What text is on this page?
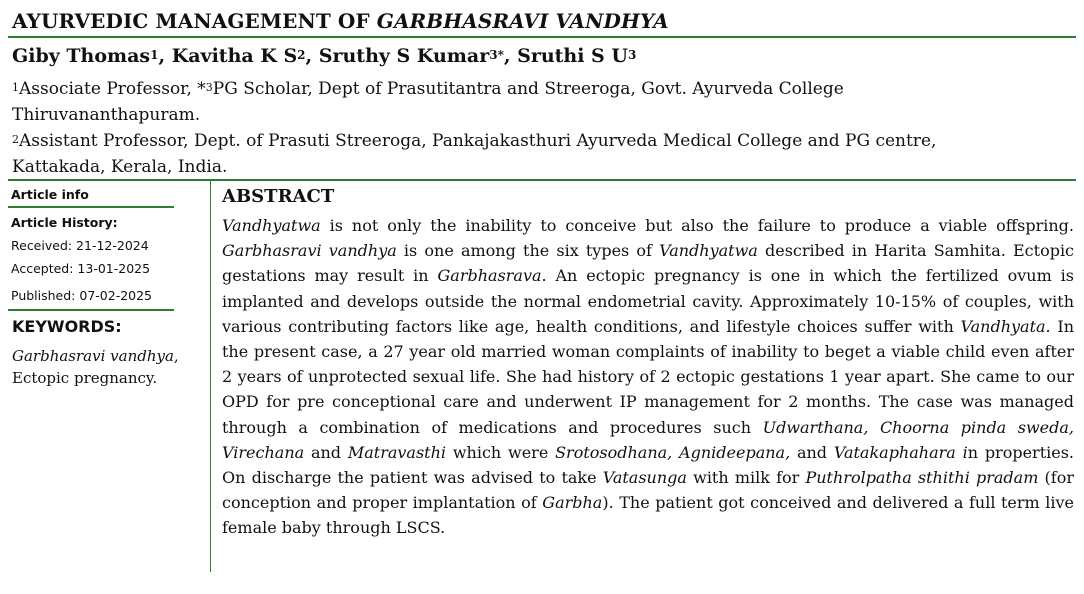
AYURVEDIC MANAGEMENT OF GARBHASRAVI VANDHYA
Giby Thomas$^1$, Kavitha K $S^2$, Sruthy S Kumar$^{3*}$, Sruthi S $U^3$
$^1$Associate Professor, *$^3$PG Scholar, Dept of Prasutitantra and Streeroga, Govt. Ayurveda College
Thiruvananthapuram.
$^2$Assistant Professor, Dept. of Prasuti Streeroga, Pankajakasthuri Ayurveda Medical College and PG centre,
Kattakada, Kerala, India.
Article info
Article History:
Received: 21-12-2024
Accepted: 13-01-2025
Published: 07-02-2025
KEYWORDS:
Garbhasravi vandhya, Ectopic pregnancy.
ABSTRACT
Vandhyatwa is not only the inability to conceive but also the failure to produce a viable offspring. Garbhasravi vandhya is one among the six types of Vandhyatwa described in Harita Samhita. Ectopic gestations may result in Garbhasrava. An ectopic pregnancy is one in which the fertilized ovum is implanted and develops outside the normal endometrial cavity. Approximately 10-15% of couples, with various contributing factors like age, health conditions, and lifestyle choices suffer with Vandhyata. In the present case, a 27 year old married woman complaints of inability to beget a viable child even after 2 years of unprotected sexual life. She had history of 2 ectopic gestations 1 year apart. She came to our OPD for pre conceptional care and underwent IP management for 2 months. The case was managed through a combination of medications and procedures such Udwarthana, Choorna pinda sweda, Virechana and Matravasthi which were Srotosodhana, Agnideepana, and Vatakaphahara in properties. On discharge the patient was advised to take Vatasunga with milk for Puthrolpatha sthithi pradam (for conception and proper implantation of Garbha). The patient got conceived and delivered a full term live female baby through LSCS.
